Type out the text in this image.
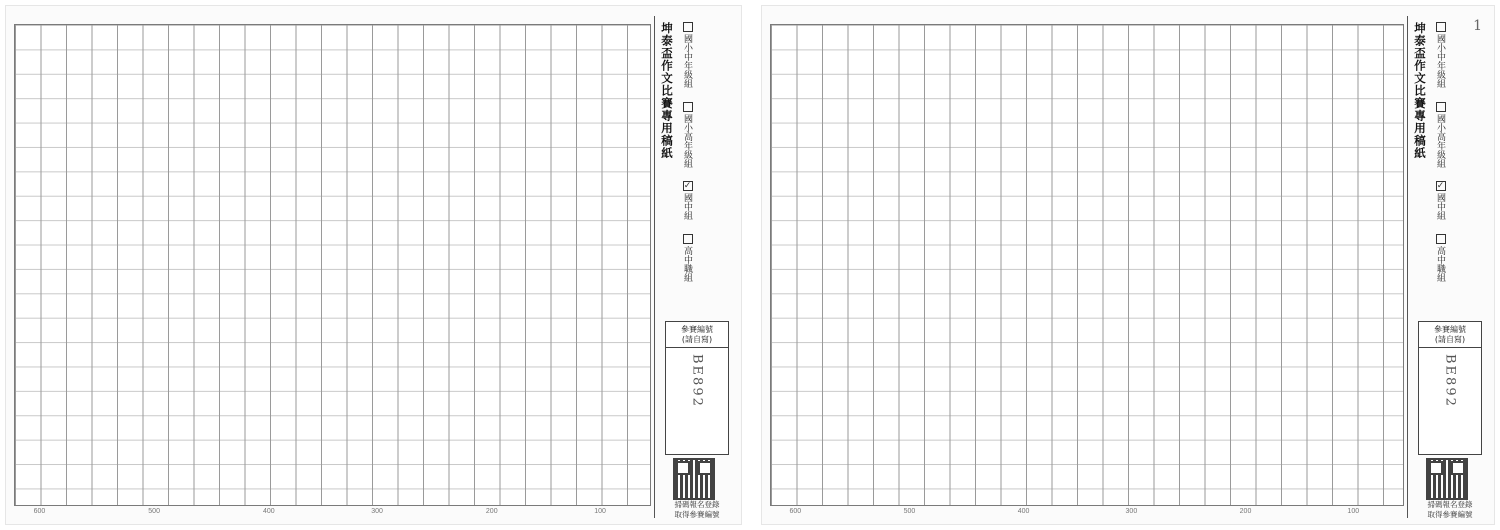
600	500	400	300	200	100
坤泰盃作文比賽專用稿紙 國小中年級組
國小高年級組
✓
國中組
高中職組
參賽編號
(請自寫)
BE892
掃碼報名登錄
取得參賽編號	600	500	400	300	200	100
1
坤泰盃作文比賽專用稿紙 國小中年級組
國小高年級組
✓
國中組
高中職組
參賽編號
(請自寫)
BE892
掃碼報名登錄
取得參賽編號
